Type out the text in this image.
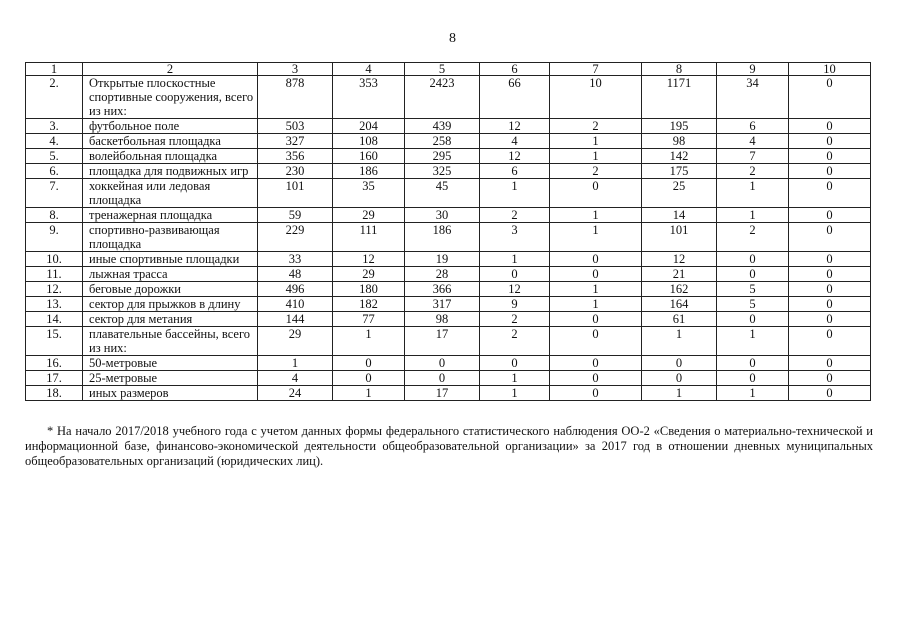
8
1	2	3	4	5	6	7	8	9	10
2.	Открытые плоскостные спортивные сооружения, всего из них:	878	353	2423	66	10	1171	34	0
3.	футбольное поле	503	204	439	12	2	195	6	0
4.	баскетбольная площадка	327	108	258	4	1	98	4	0
5.	волейбольная площадка	356	160	295	12	1	142	7	0
6.	площадка для подвижных игр	230	186	325	6	2	175	2	0
7.	хоккейная или ледовая площадка	101	35	45	1	0	25	1	0
8.	тренажерная площадка	59	29	30	2	1	14	1	0
9.	спортивно-развивающая площадка	229	111	186	3	1	101	2	0
10.	иные спортивные площадки	33	12	19	1	0	12	0	0
11.	лыжная трасса	48	29	28	0	0	21	0	0
12.	беговые дорожки	496	180	366	12	1	162	5	0
13.	сектор для прыжков в длину	410	182	317	9	1	164	5	0
14.	сектор для метания	144	77	98	2	0	61	0	0
15.	плавательные бассейны, всего из них:	29	1	17	2	0	1	1	0
16.	50-метровые	1	0	0	0	0	0	0	0
17.	25-метровые	4	0	0	1	0	0	0	0
18.	иных размеров	24	1	17	1	0	1	1	0
* На начало 2017/2018 учебного года с учетом данных формы федерального статистического наблюдения ОО-2 «Сведения о материально-технической и информационной базе, финансово-экономической деятельности общеобразовательной организации» за 2017 год в отношении дневных муниципальных общеобразовательных организаций (юридических лиц).
